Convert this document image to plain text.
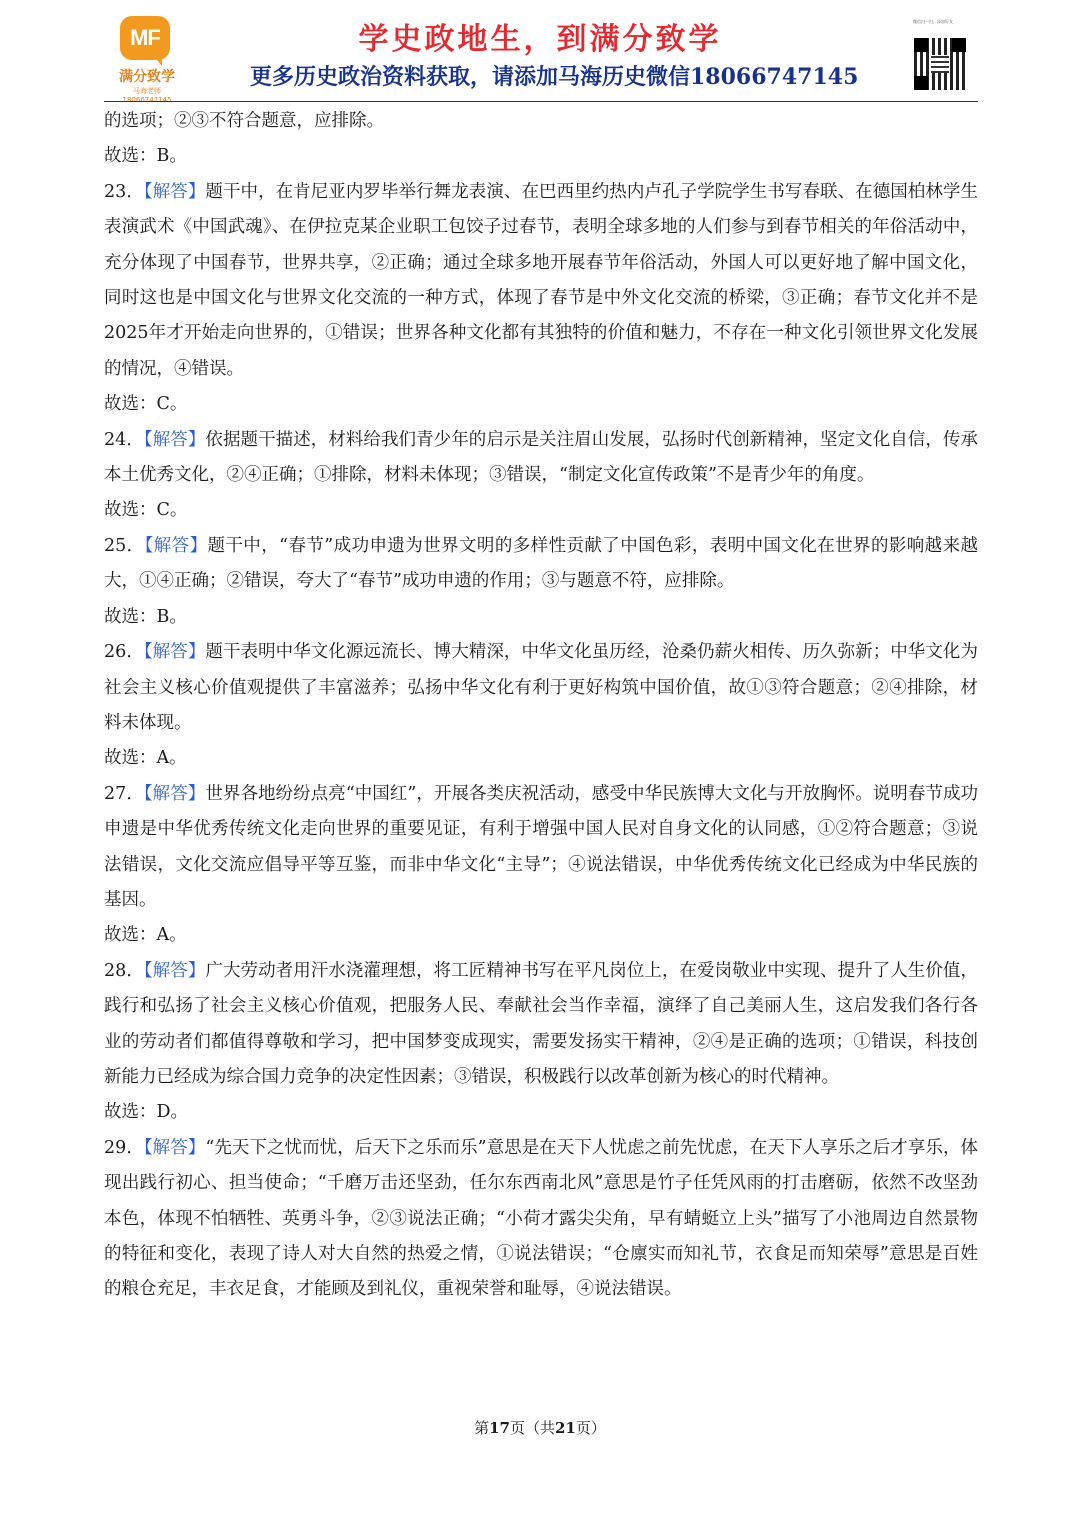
MF
满分致学
马海老师 18066747145
学史政地生，到满分致学
更多历史政治资料获取，请添加马海历史微信18066747145
微信扫一扫，添加好友

的选项；②③不符合题意，应排除。

故选：B。

23．【解答】题干中，在肯尼亚内罗毕举行舞龙表演、在巴西里约热内卢孔子学院学生书写春联、在德国柏林学生表演武术《中国武魂》、在伊拉克某企业职工包饺子过春节，表明全球多地的人们参与到春节相关的年俗活动中，充分体现了中国春节，世界共享，②正确；通过全球多地开展春节年俗活动，外国人可以更好地了解中国文化，同时这也是中国文化与世界文化交流的一种方式，体现了春节是中外文化交流的桥梁，③正确；春节文化并不是2025年才开始走向世界的，①错误；世界各种文化都有其独特的价值和魅力，不存在一种文化引领世界文化发展的情况，④错误。

故选：C。

24．【解答】依据题干描述，材料给我们青少年的启示是关注眉山发展，弘扬时代创新精神，坚定文化自信，传承本土优秀文化，②④正确；①排除，材料未体现；③错误，“制定文化宣传政策”不是青少年的角度。

故选：C。

25．【解答】题干中，“春节”成功申遗为世界文明的多样性贡献了中国色彩，表明中国文化在世界的影响越来越大，①④正确；②错误，夸大了“春节”成功申遗的作用；③与题意不符，应排除。

故选：B。

26．【解答】题干表明中华文化源远流长、博大精深，中华文化虽历经，沧桑仍薪火相传、历久弥新；中华文化为社会主义核心价值观提供了丰富滋养；弘扬中华文化有利于更好构筑中国价值，故①③符合题意；②④排除，材料未体现。

故选：A。

27．【解答】世界各地纷纷点亮“中国红”，开展各类庆祝活动，感受中华民族博大文化与开放胸怀。说明春节成功申遗是中华优秀传统文化走向世界的重要见证，有利于增强中国人民对自身文化的认同感，①②符合题意；③说法错误，文化交流应倡导平等互鉴，而非中华文化“主导”；④说法错误，中华优秀传统文化已经成为中华民族的基因。

故选：A。

28．【解答】广大劳动者用汗水浇灌理想，将工匠精神书写在平凡岗位上，在爱岗敬业中实现、提升了人生价值，践行和弘扬了社会主义核心价值观，把服务人民、奉献社会当作幸福，演绎了自己美丽人生，这启发我们各行各业的劳动者们都值得尊敬和学习，把中国梦变成现实，需要发扬实干精神，②④是正确的选项；①错误，科技创新能力已经成为综合国力竞争的决定性因素；③错误，积极践行以改革创新为核心的时代精神。

故选：D。

29．【解答】“先天下之忧而忧，后天下之乐而乐”意思是在天下人忧虑之前先忧虑，在天下人享乐之后才享乐，体现出践行初心、担当使命；“千磨万击还坚劲，任尔东西南北风”意思是竹子任凭风雨的打击磨砺，依然不改坚劲本色，体现不怕牺牲、英勇斗争，②③说法正确；“小荷才露尖尖角，早有蜻蜓立上头”描写了小池周边自然景物的特征和变化，表现了诗人对大自然的热爱之情，①说法错误；“仓廪实而知礼节，衣食足而知荣辱”意思是百姓的粮仓充足，丰衣足食，才能顾及到礼仪，重视荣誉和耻辱，④说法错误。

第17页（共21页）
